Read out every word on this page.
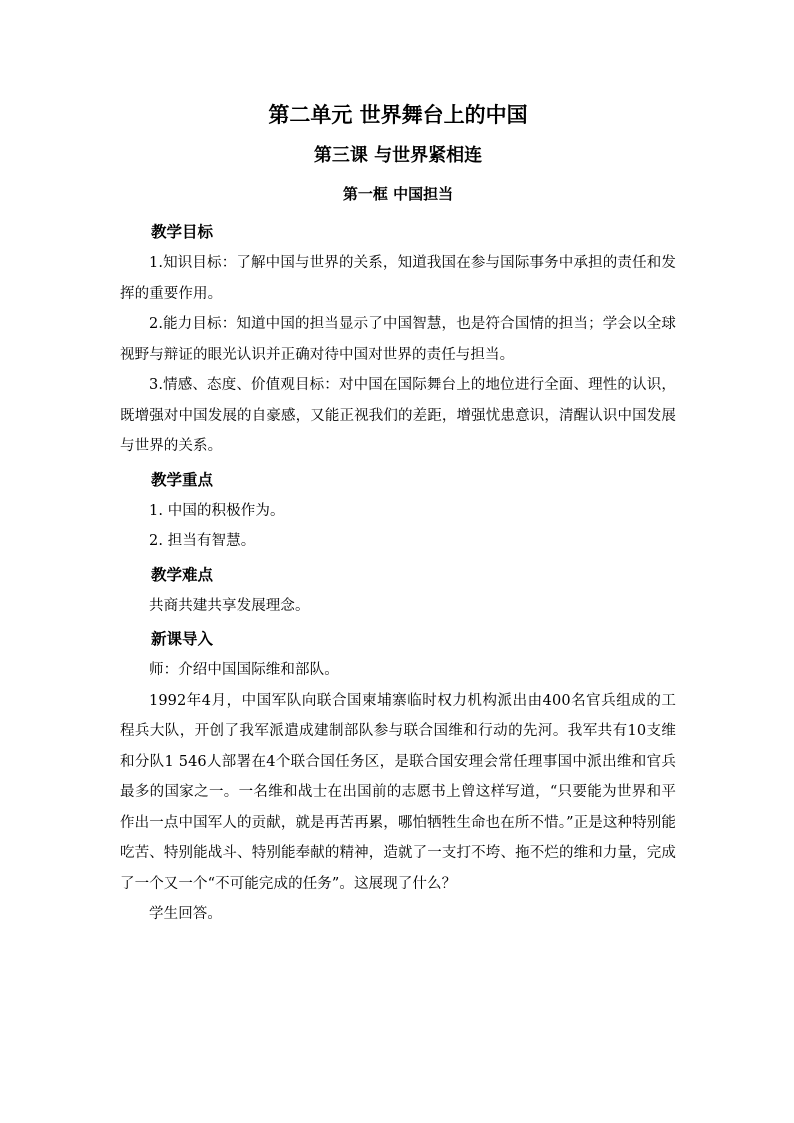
第二单元 世界舞台上的中国
第三课 与世界紧相连
第一框 中国担当
教学目标

1.知识目标：了解中国与世界的关系，知道我国在参与国际事务中承担的责任和发挥的重要作用。

2.能力目标：知道中国的担当显示了中国智慧，也是符合国情的担当；学会以全球视野与辩证的眼光认识并正确对待中国对世界的责任与担当。

3.情感、态度、价值观目标：对中国在国际舞台上的地位进行全面、理性的认识，既增强对中国发展的自豪感，又能正视我们的差距，增强忧患意识，清醒认识中国发展与世界的关系。

教学重点

1. 中国的积极作为。

2. 担当有智慧。

教学难点

共商共建共享发展理念。

新课导入

师：介绍中国国际维和部队。

1992年4月，中国军队向联合国柬埔寨临时权力机构派出由400名官兵组成的工程兵大队，开创了我军派遣成建制部队参与联合国维和行动的先河。我军共有10支维和分队1 546人部署在4个联合国任务区，是联合国安理会常任理事国中派出维和官兵最多的国家之一。一名维和战士在出国前的志愿书上曾这样写道，“只要能为世界和平作出一点中国军人的贡献，就是再苦再累，哪怕牺牲生命也在所不惜。”正是这种特别能吃苦、特别能战斗、特别能奉献的精神，造就了一支打不垮、拖不烂的维和力量，完成了一个又一个“不可能完成的任务”。这展现了什么？

学生回答。
